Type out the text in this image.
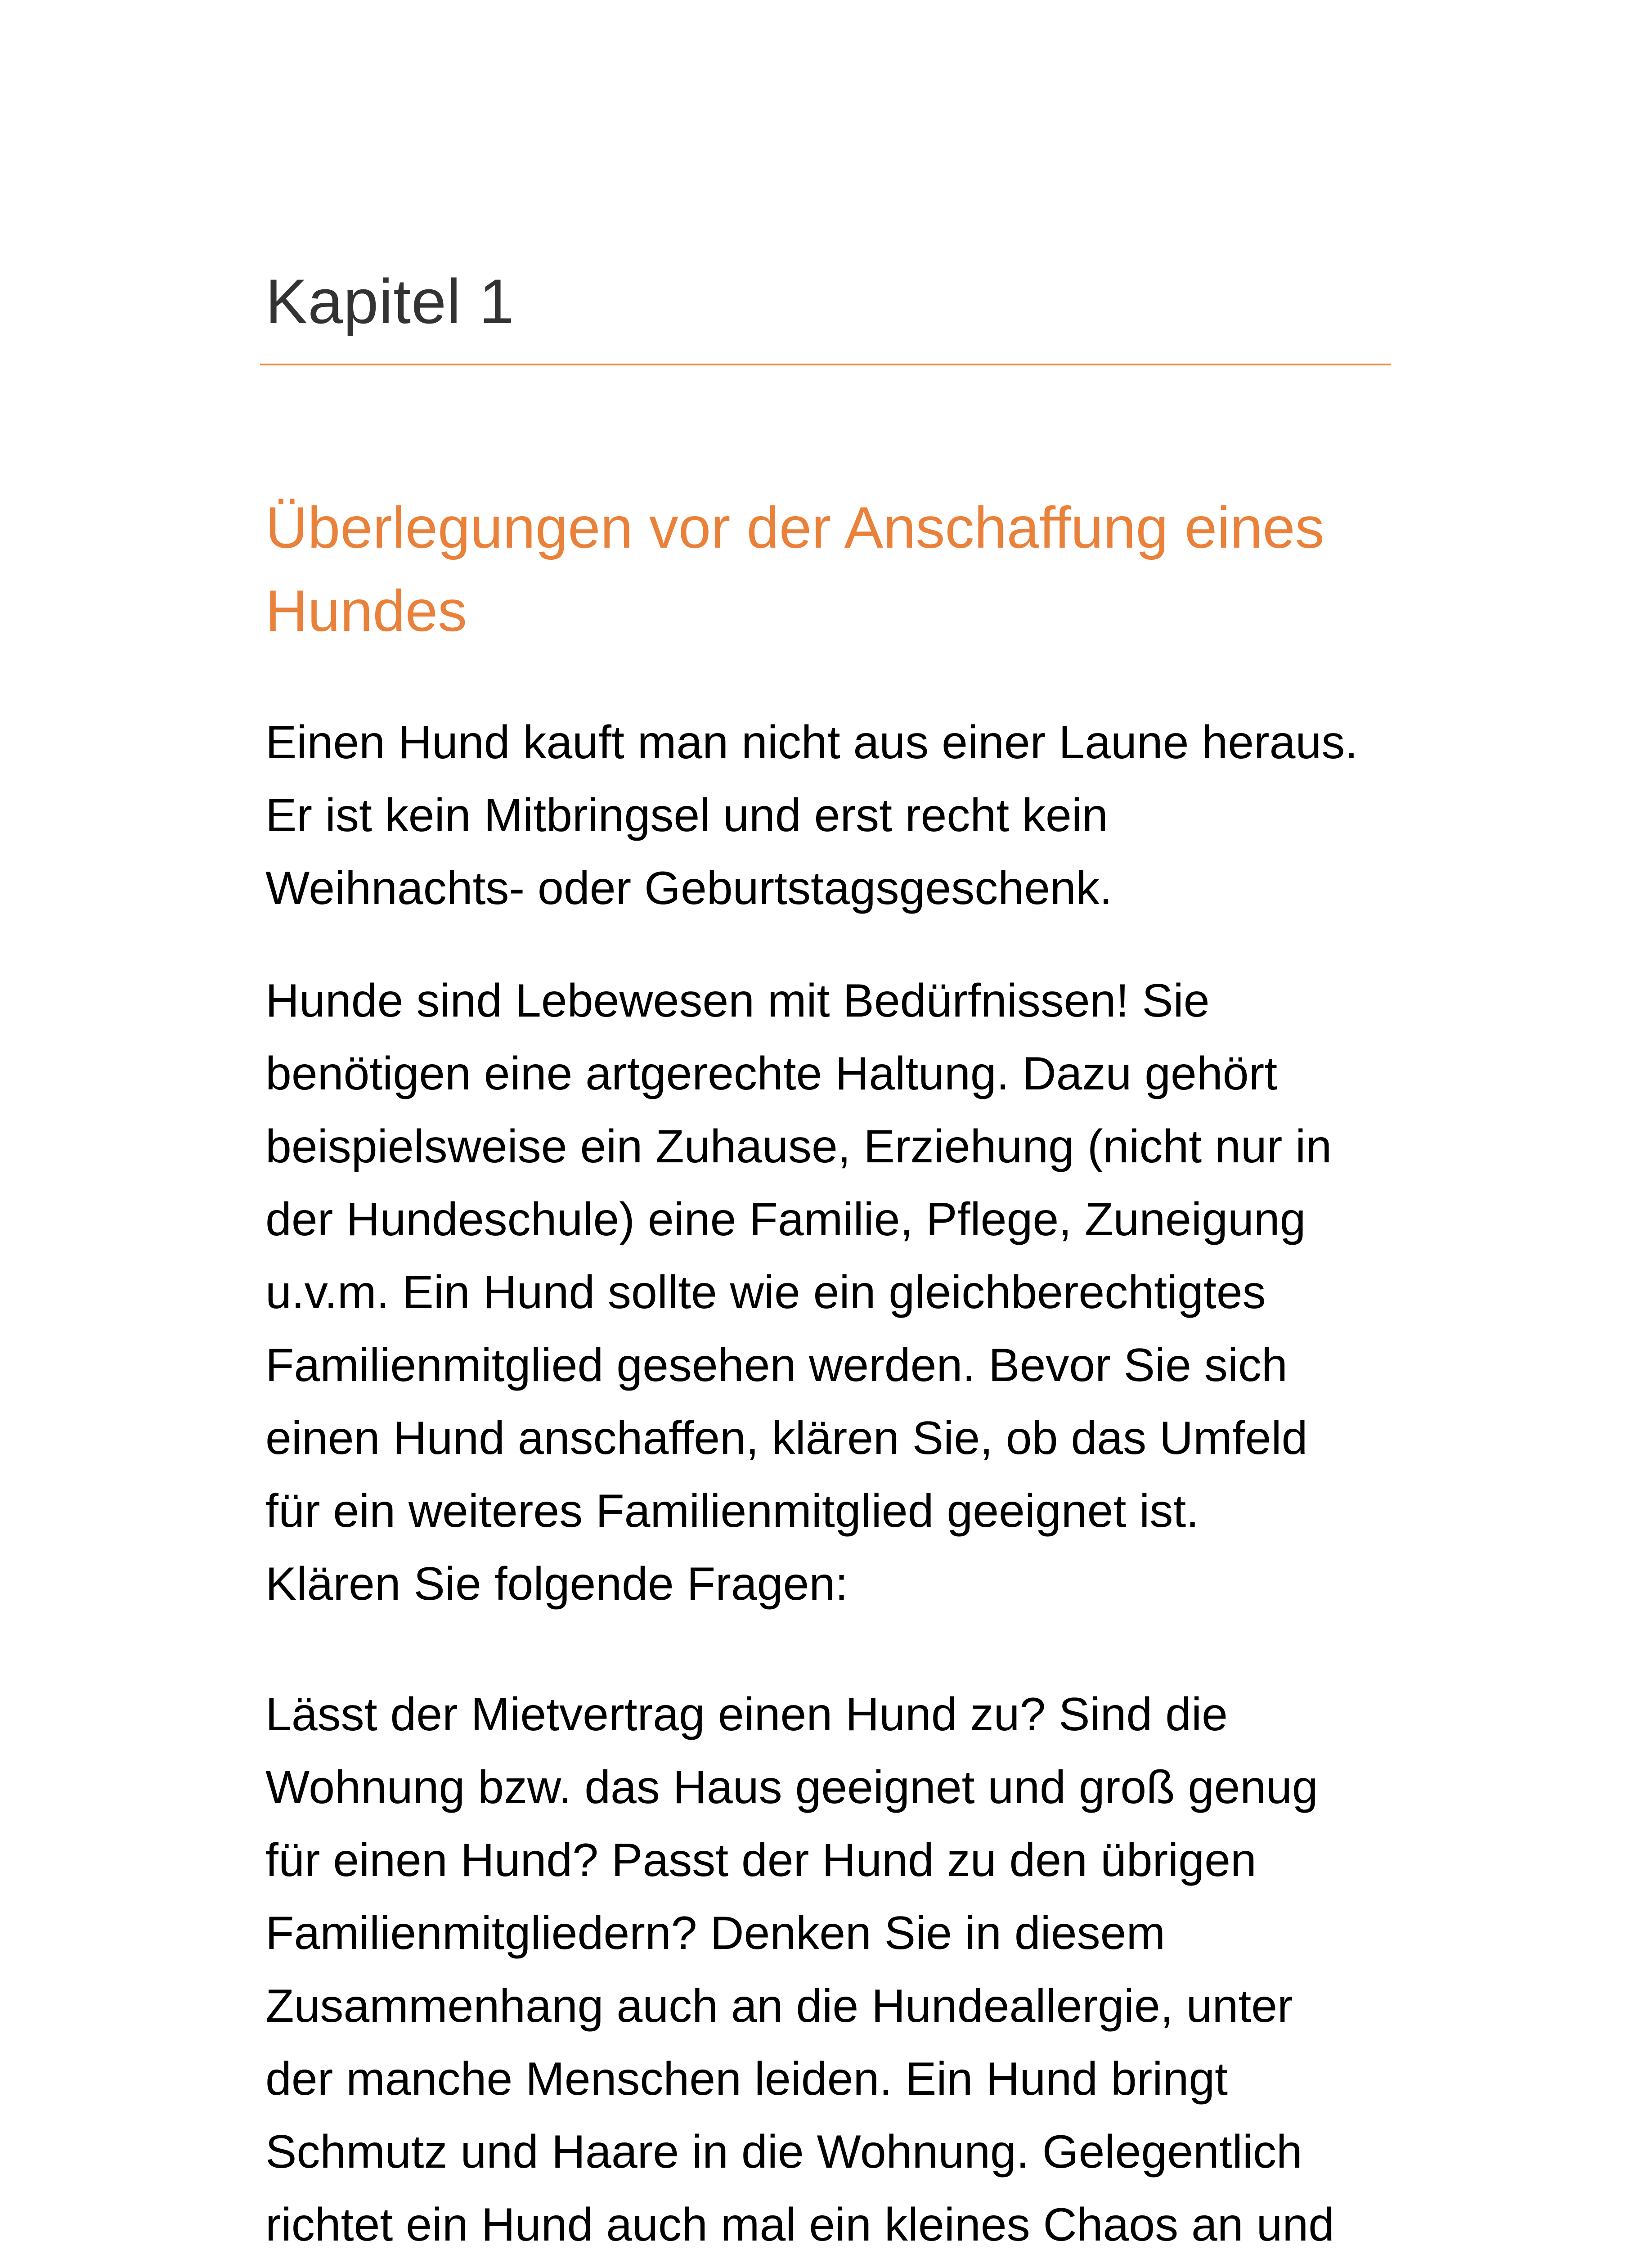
Kapitel 1
Überlegungen vor der Anschaffung eines
Hundes
Einen Hund kauft man nicht aus einer Laune heraus.
Er ist kein Mitbringsel und erst recht kein
Weihnachts- oder Geburtstagsgeschenk.
Hunde sind Lebewesen mit Bedürfnissen! Sie
benötigen eine artgerechte Haltung. Dazu gehört
beispielsweise ein Zuhause, Erziehung (nicht nur in
der Hundeschule) eine Familie, Pflege, Zuneigung
u.v.m. Ein Hund sollte wie ein gleichberechtigtes
Familienmitglied gesehen werden. Bevor Sie sich
einen Hund anschaffen, klären Sie, ob das Umfeld
für ein weiteres Familienmitglied geeignet ist.
Klären Sie folgende Fragen:
Lässt der Mietvertrag einen Hund zu? Sind die
Wohnung bzw. das Haus geeignet und groß genug
für einen Hund? Passt der Hund zu den übrigen
Familienmitgliedern? Denken Sie in diesem
Zusammenhang auch an die Hundeallergie, unter
der manche Menschen leiden. Ein Hund bringt
Schmutz und Haare in die Wohnung. Gelegentlich
richtet ein Hund auch mal ein kleines Chaos an und
